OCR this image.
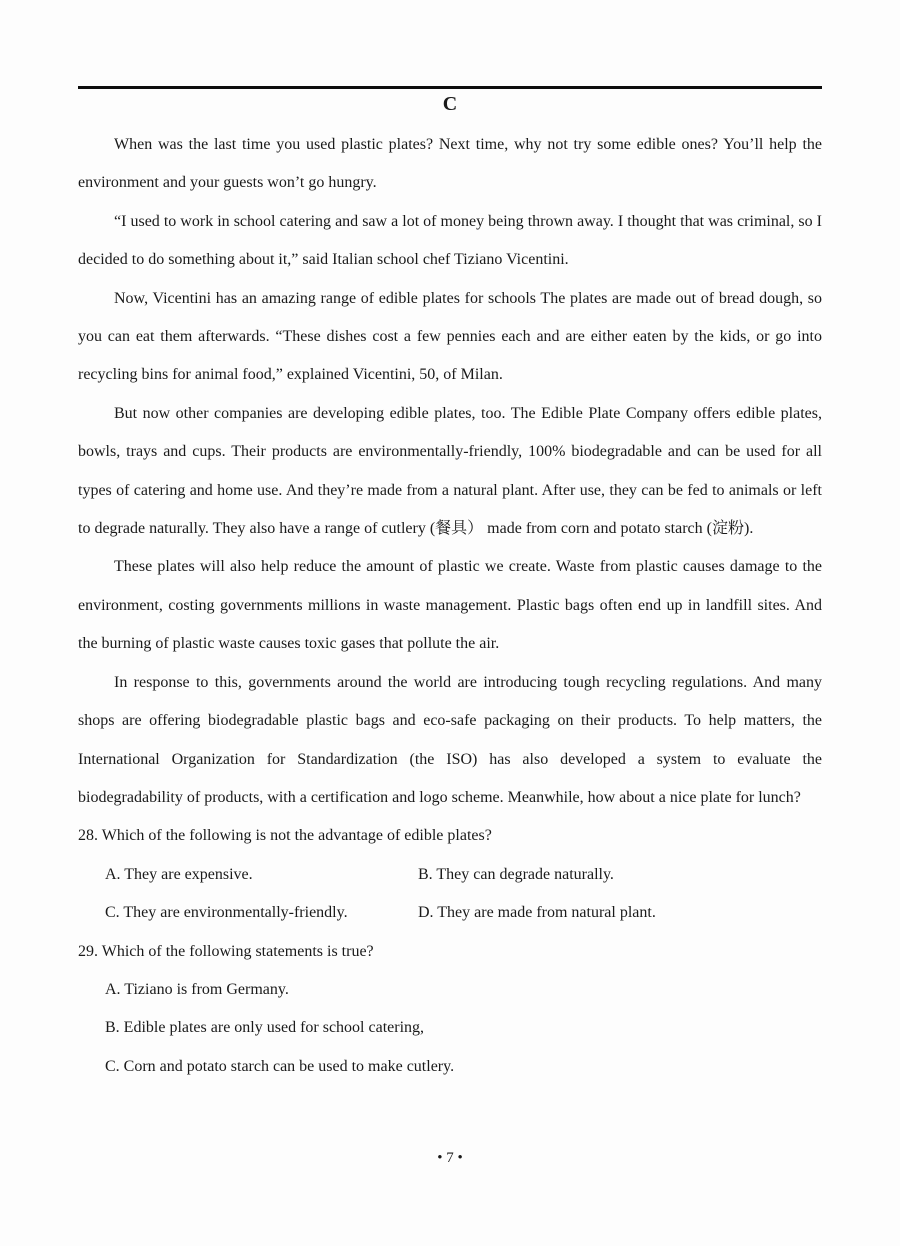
C

When was the last time you used plastic plates? Next time, why not try some edible ones? You’ll help the environment and your guests won’t go hungry.

“I used to work in school catering and saw a lot of money being thrown away. I thought that was criminal, so I decided to do something about it,” said Italian school chef Tiziano Vicentini.

Now, Vicentini has an amazing range of edible plates for schools The plates are made out of bread dough, so you can eat them afterwards. “These dishes cost a few pennies each and are either eaten by the kids, or go into recycling bins for animal food,” explained Vicentini, 50, of Milan.

But now other companies are developing edible plates, too. The Edible Plate Company offers edible plates, bowls, trays and cups. Their products are environmentally-friendly, 100% biodegradable and can be used for all types of catering and home use. And they’re made from a natural plant. After use, they can be fed to animals or left to degrade naturally. They also have a range of cutlery (餐具） made from corn and potato starch (淀粉).

These plates will also help reduce the amount of plastic we create. Waste from plastic causes damage to the environment, costing governments millions in waste management. Plastic bags often end up in landfill sites. And the burning of plastic waste causes toxic gases that pollute the air.

In response to this, governments around the world are introducing tough recycling regulations. And many shops are offering biodegradable plastic bags and eco-safe packaging on their products. To help matters, the International Organization for Standardization (the ISO) has also developed a system to evaluate the biodegradability of products, with a certification and logo scheme. Meanwhile, how about a nice plate for lunch?

28. Which of the following is not the advantage of edible plates?
A. They are expensive.	B. They can degrade naturally.
C. They are environmentally-friendly.	D. They are made from natural plant.
29. Which of the following statements is true?
A. Tiziano is from Germany.
B. Edible plates are only used for school catering,
C. Corn and potato starch can be used to make cutlery.
• 7 •
